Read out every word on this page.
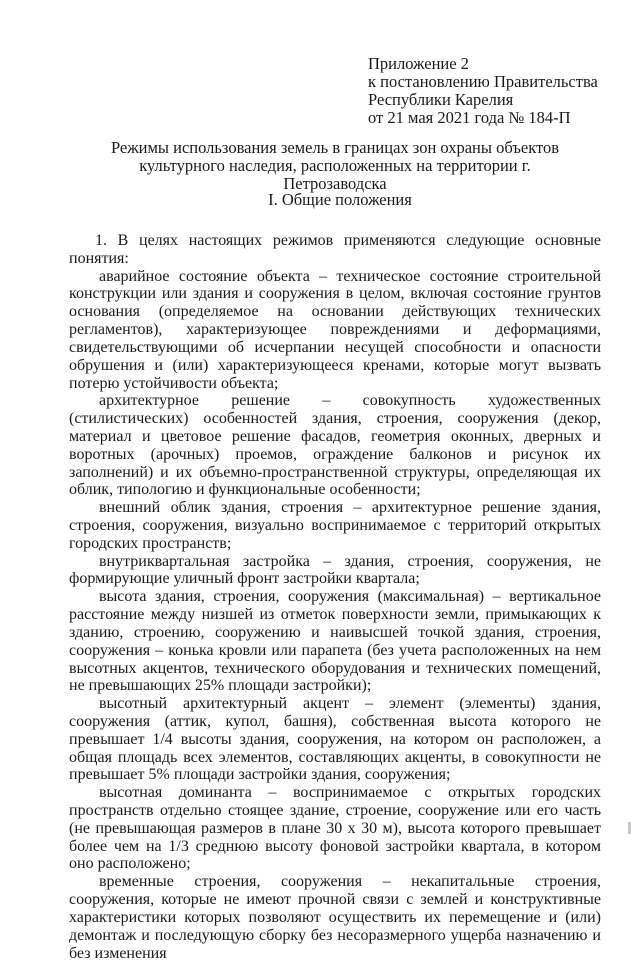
Приложение 2
к постановлению Правительства
Республики Карелия
от 21 мая 2021 года № 184-П
Режимы использования земель в границах зон охраны объектов
культурного наследия, расположенных на территории г. Петрозаводска
I. Общие положения

1. В целях настоящих режимов применяются следующие основные понятия:

аварийное состояние объекта – техническое состояние строительной конструкции или здания и сооружения в целом, включая состояние грунтов основания (определяемое на основании действующих технических регламентов), характеризующее повреждениями и деформациями, свидетельствующими об исчерпании несущей способности и опасности обрушения и (или) характеризующееся кренами, которые могут вызвать потерю устойчивости объекта;

архитектурное решение – совокупность художественных (стилистических) особенностей здания, строения, сооружения (декор, материал и цветовое решение фасадов, геометрия оконных, дверных и воротных (арочных) проемов, ограждение балконов и рисунок их заполнений) и их объемно-пространственной структуры, определяющая их облик, типологию и функциональные особенности;

внешний облик здания, строения – архитектурное решение здания, строения, сооружения, визуально воспринимаемое с территорий открытых городских пространств;

внутриквартальная застройка – здания, строения, сооружения, не формирующие уличный фронт застройки квартала;

высота здания, строения, сооружения (максимальная) – вертикальное расстояние между низшей из отметок поверхности земли, примыкающих к зданию, строению, сооружению и наивысшей точкой здания, строения, сооружения – конька кровли или парапета (без учета расположенных на нем высотных акцентов, технического оборудования и технических помещений, не превышающих 25% площади застройки);

высотный архитектурный акцент – элемент (элементы) здания, сооружения (аттик, купол, башня), собственная высота которого не превышает 1/4 высоты здания, сооружения, на котором он расположен, а общая площадь всех элементов, составляющих акценты, в совокупности не превышает 5% площади застройки здания, сооружения;

высотная доминанта – воспринимаемое с открытых городских пространств отдельно стоящее здание, строение, сооружение или его часть (не превышающая размеров в плане 30 х 30 м), высота которого превышает более чем на 1/3 среднюю высоту фоновой застройки квартала, в котором оно расположено;

временные строения, сооружения – некапитальные строения, сооружения, которые не имеют прочной связи с землей и конструктивные характеристики которых позволяют осуществить их перемещение и (или) демонтаж и последующую сборку без несоразмерного ущерба назначению и без изменения
